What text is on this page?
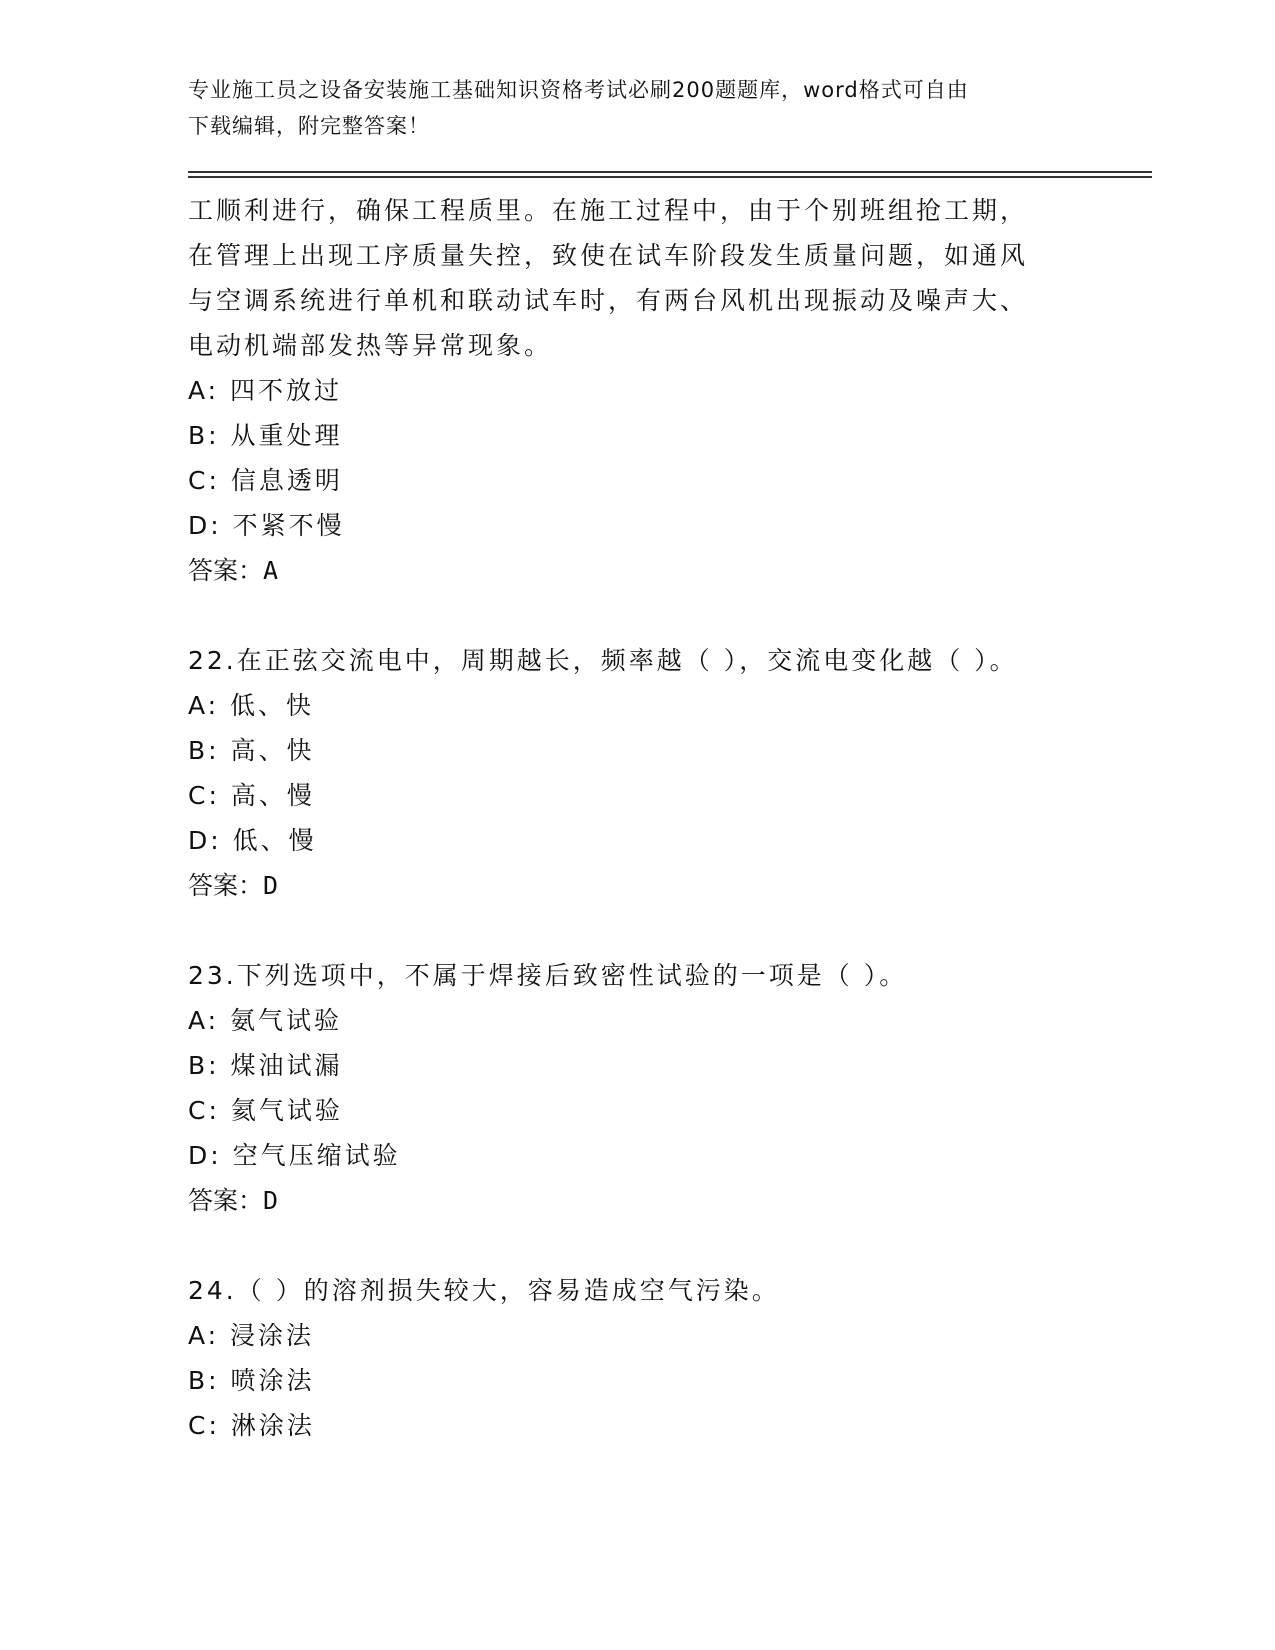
专业施工员之设备安装施工基础知识资格考试必刷200题题库，word格式可自由
下载编辑，附完整答案！
工顺利进行，确保工程质里。在施工过程中，由于个别班组抢工期，
在管理上出现工序质量失控，致使在试车阶段发生质量问题，如通风
与空调系统进行单机和联动试车时，有两台风机出现振动及噪声大、
电动机端部发热等异常现象。
A: 四不放过
B: 从重处理
C: 信息透明
D: 不紧不慢
答案：A
22.在正弦交流电中，周期越长，频率越（ ），交流电变化越（ ）。
A: 低、快
B: 高、快
C: 高、慢
D: 低、慢
答案：D
23.下列选项中，不属于焊接后致密性试验的一项是（ ）。
A: 氨气试验
B: 煤油试漏
C: 氦气试验
D: 空气压缩试验
答案：D
24.（ ）的溶剂损失较大，容易造成空气污染。
A: 浸涂法
B: 喷涂法
C: 淋涂法
